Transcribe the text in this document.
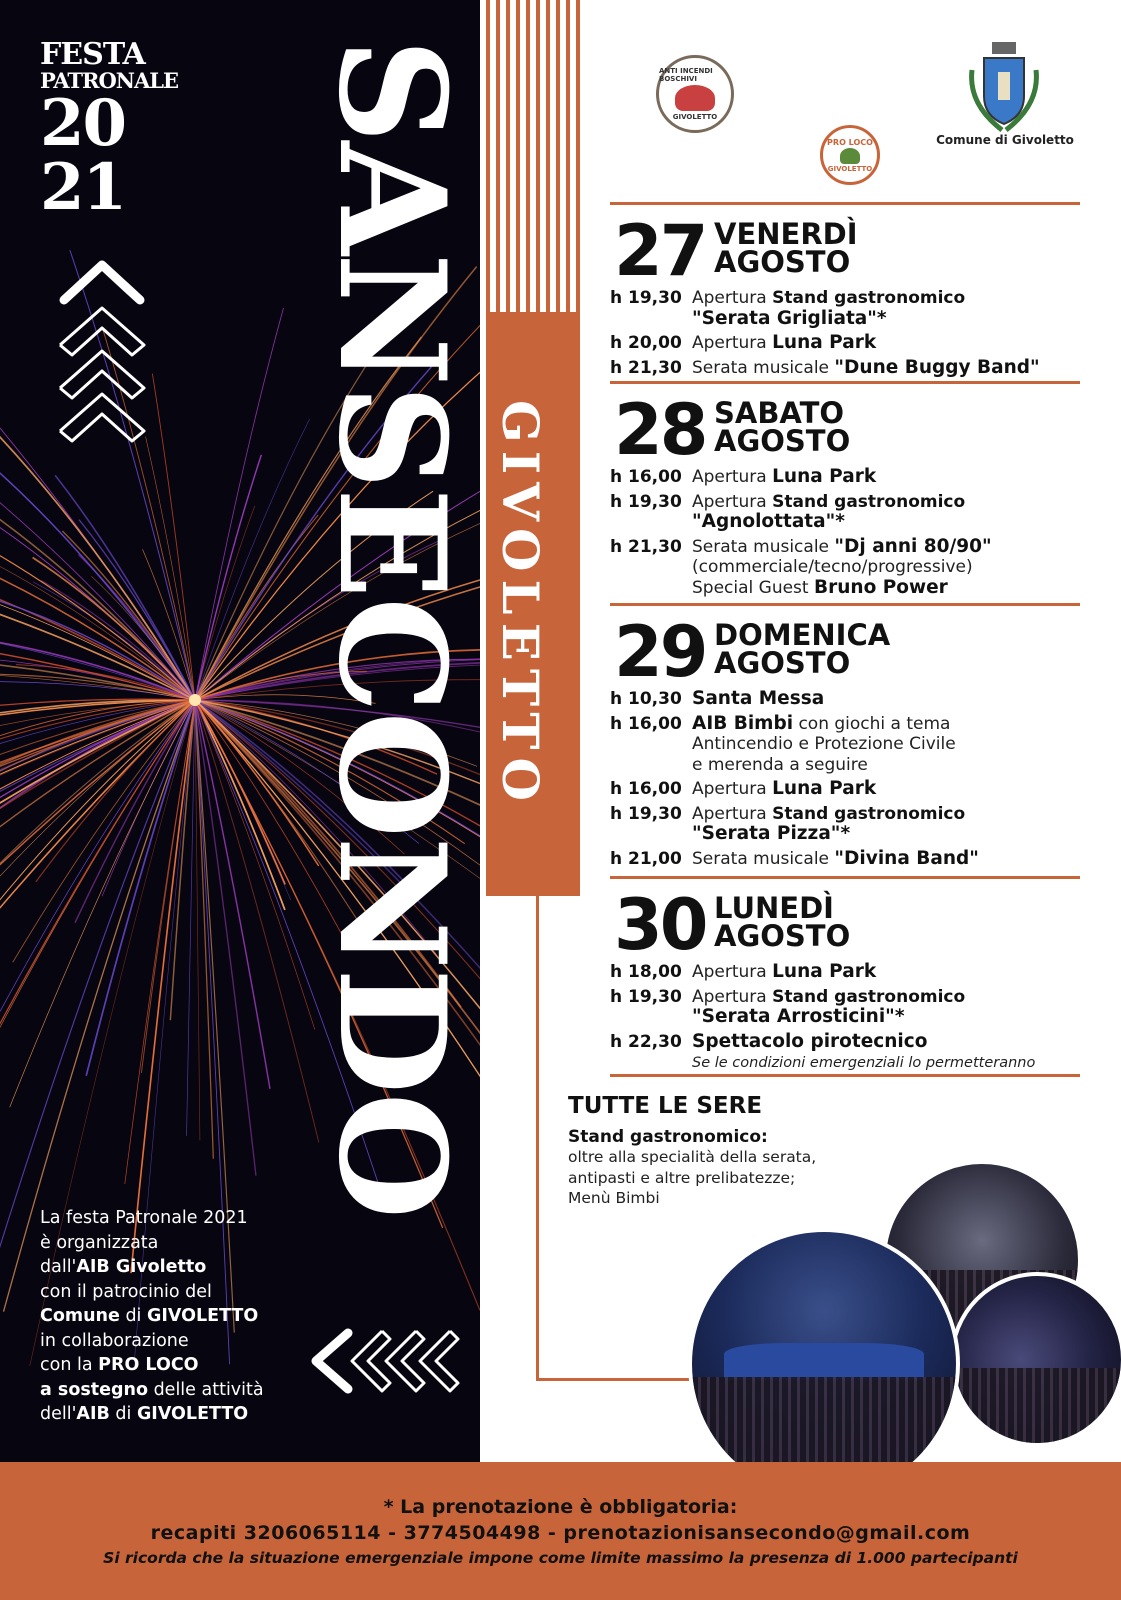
FESTA
PATRONALE
20
21
La festa Patronale 2021
è organizzata
dall'AIB Givoletto
con il patrocinio del
Comune di GIVOLETTO
in collaborazione
con la PRO LOCO
a sostegno delle attività
dell'AIB di GIVOLETTO
SANSECONDO GIVOLETTO piazza della concordia
ANTI INCENDI BOSCHIVI
GIVOLETTO
PRO LOCO
GIVOLETTO
Comune di Givoletto
27 VENERDÌ
AGOSTO
h 19,30 Apertura Stand gastronomico
"Serata Grigliata"*
h 20,00 Apertura Luna Park
h 21,30 Serata musicale "Dune Buggy Band"
28 SABATO
AGOSTO
h 16,00 Apertura Luna Park
h 19,30 Apertura Stand gastronomico
"Agnolottata"*
h 21,30 Serata musicale "Dj anni 80/90"
(commerciale/tecno/progressive)
Special Guest Bruno Power
29 DOMENICA
AGOSTO
h 10,30 Santa Messa
h 16,00 AIB Bimbi con giochi a tema
Antincendio e Protezione Civile
e merenda a seguire
h 16,00 Apertura Luna Park
h 19,30 Apertura Stand gastronomico
"Serata Pizza"*
h 21,00 Serata musicale "Divina Band"
30 LUNEDÌ
AGOSTO
h 18,00 Apertura Luna Park
h 19,30 Apertura Stand gastronomico
"Serata Arrosticini"*
h 22,30 Spettacolo pirotecnico
Se le condizioni emergenziali lo permetteranno
TUTTE LE SERE
Stand gastronomico:
oltre alla specialità della serata,
antipasti e altre prelibatezze;
Menù Bimbi
* La prenotazione è obbligatoria:
recapiti 3206065114 - 3774504498 - prenotazionisansecondo@gmail.com
Si ricorda che la situazione emergenziale impone come limite massimo la presenza di 1.000 partecipanti
